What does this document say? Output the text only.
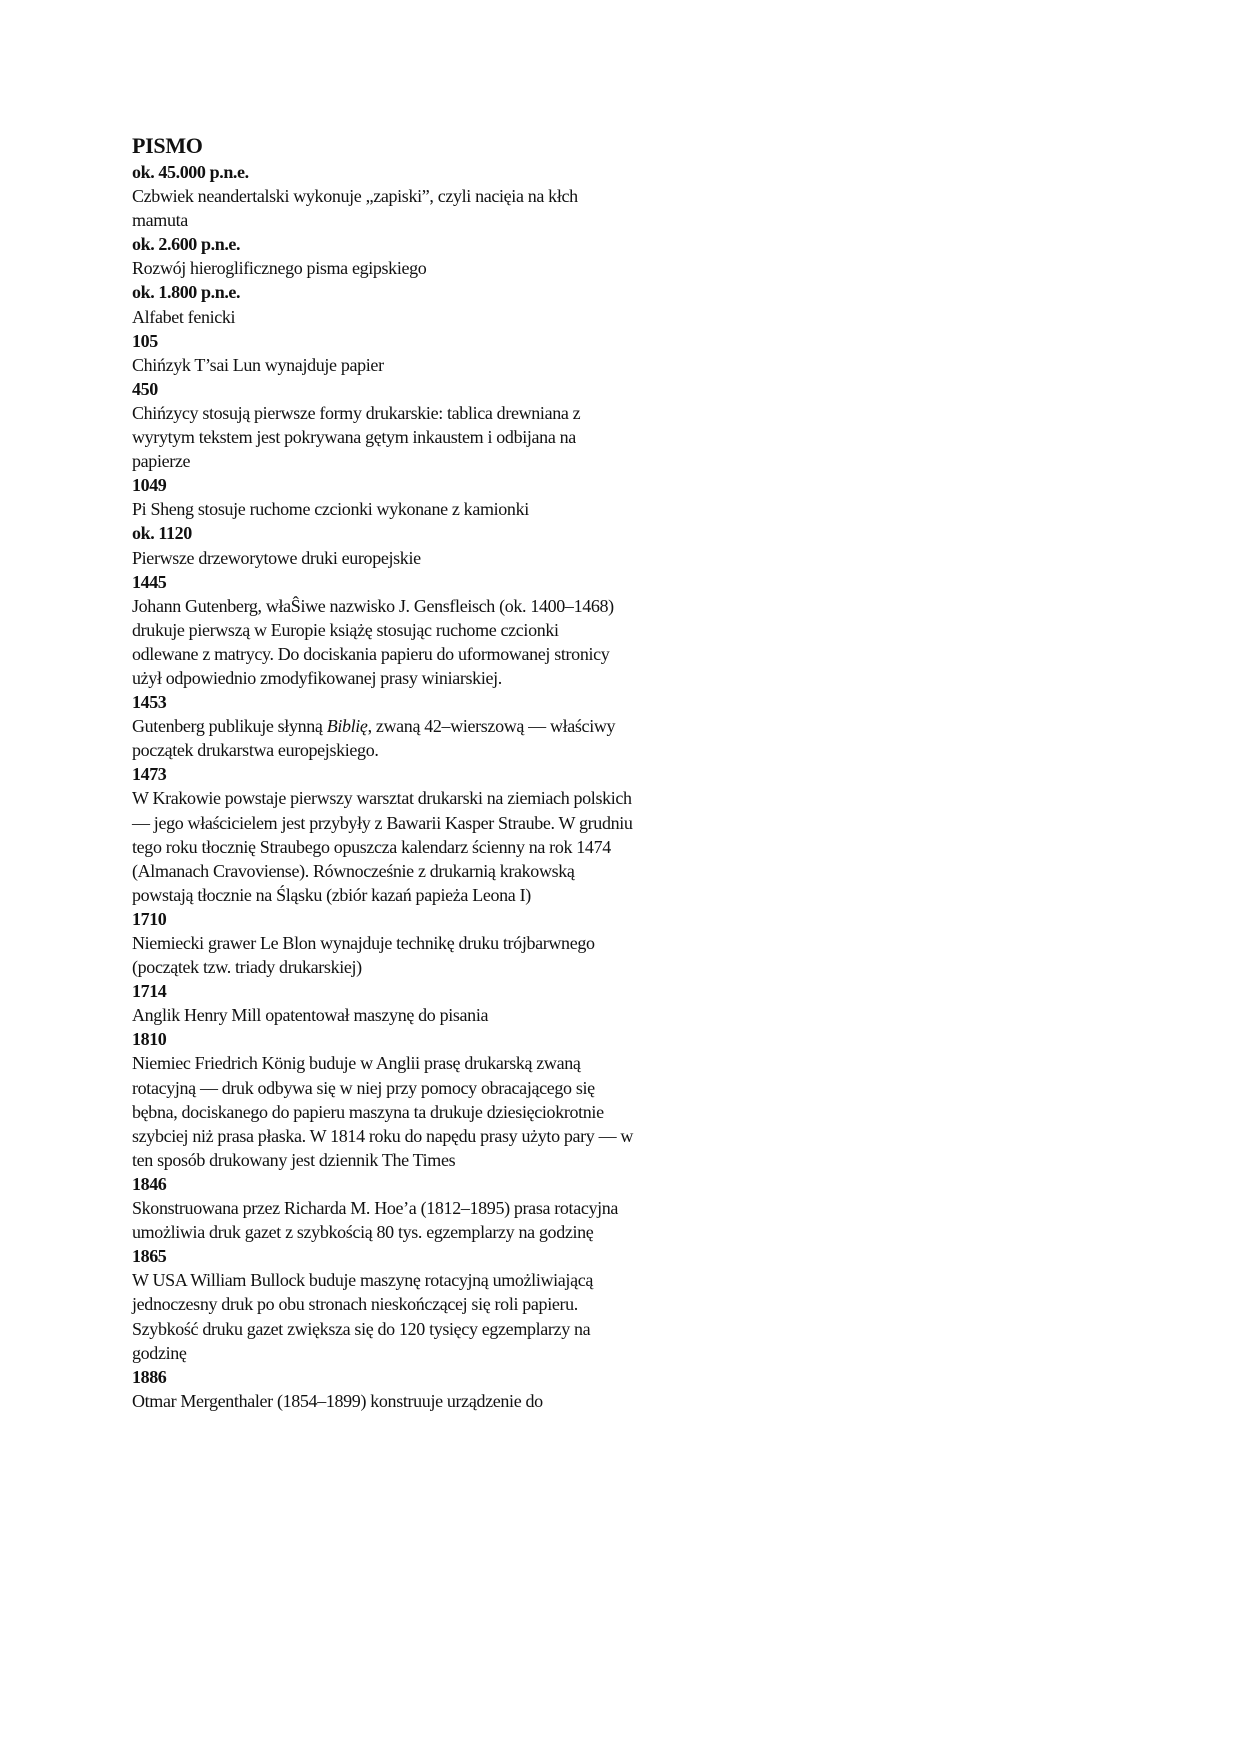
PISMO
ok. 45.000 p.n.e.
Czbwiek neandertalski wykonuje „zapiski”, czyli nacięia na kłch
mamuta
ok. 2.600 p.n.e.
Rozwój hieroglificznego pisma egipskiego
ok. 1.800 p.n.e.
Alfabet fenicki
105
Chińzyk T’sai Lun wynajduje papier
450
Chińzycy stosują pierwsze formy drukarskie: tablica drewniana z
wyrytym tekstem jest pokrywana gętym inkaustem i odbijana na
papierze
1049
Pi Sheng stosuje ruchome czcionki wykonane z kamionki
ok. 1120
Pierwsze drzeworytowe druki europejskie
1445
Johann Gutenberg, właŜiwe nazwisko J. Gensfleisch (ok. 1400–1468)
drukuje pierwszą w Europie książę stosując ruchome czcionki
odlewane z matrycy. Do dociskania papieru do uformowanej stronicy
użył odpowiednio zmodyfikowanej prasy winiarskiej.
1453
Gutenberg publikuje słynną Biblię, zwaną 42–wierszową — właściwy
początek drukarstwa europejskiego.
1473
W Krakowie powstaje pierwszy warsztat drukarski na ziemiach polskich
— jego właścicielem jest przybyły z Bawarii Kasper Straube. W grudniu
tego roku tłocznię Straubego opuszcza kalendarz ścienny na rok 1474
(Almanach Cravoviense). Równocześnie z drukarnią krakowską
powstają tłocznie na Śląsku (zbiór kazań papieża Leona I)
1710
Niemiecki grawer Le Blon wynajduje technikę druku trójbarwnego
(początek tzw. triady drukarskiej)
1714
Anglik Henry Mill opatentował maszynę do pisania
1810
Niemiec Friedrich König buduje w Anglii prasę drukarską zwaną
rotacyjną — druk odbywa się w niej przy pomocy obracającego się
bębna, dociskanego do papieru maszyna ta drukuje dziesięciokrotnie
szybciej niż prasa płaska. W 1814 roku do napędu prasy użyto pary — w
ten sposób drukowany jest dziennik The Times
1846
Skonstruowana przez Richarda M. Hoe’a (1812–1895) prasa rotacyjna
umożliwia druk gazet z szybkością 80 tys. egzemplarzy na godzinę
1865
W USA William Bullock buduje maszynę rotacyjną umożliwiającą
jednoczesny druk po obu stronach nieskończącej się roli papieru.
Szybkość druku gazet zwiększa się do 120 tysięcy egzemplarzy na
godzinę
1886
Otmar Mergenthaler (1854–1899) konstruuje urządzenie do
